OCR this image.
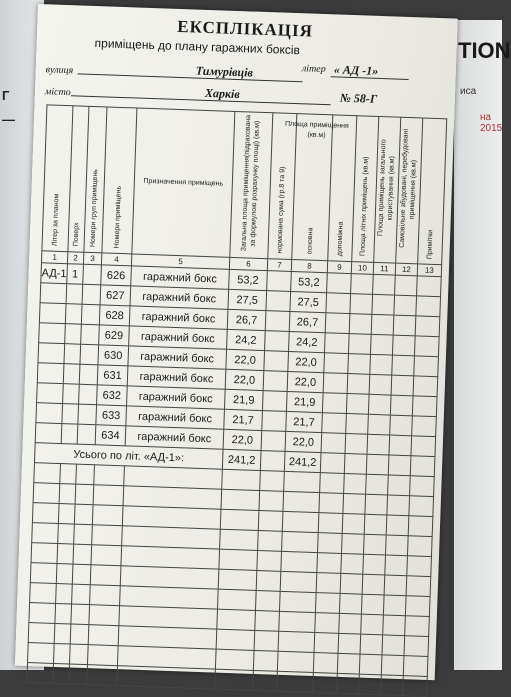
Г
—
TION
иса
на 2015
ЕКСПЛІКАЦІЯ
приміщень до плану гаражних боксів
літер « АД -1»
вулиця	Тимурівців
місто	Харків	№ 58-Г
Літер за планом	Поверх	Номери груп приміщень	Номери приміщень	Призначення приміщень	Загальна площа приміщення(підрахована за формулою розрахунку площі) (кв.м)	нормована сума (гр.8 та 9)	Площа приміщення (кв.м)
основна	допоміжна	Площа літніх приміщень (кв.м)	Площа приміщень загального користування (кв.м)	Самовільне збудовані, перебудовані приміщення (кв.м)	Примітки
1	2	3	4	5	6	7	8	9	10	11	12	13
АД-1	1		626	гаражний бокс	53,2		53,2					
			627	гаражний бокс	27,5		27,5					
			628	гаражний бокс	26,7		26,7					
			629	гаражний бокс	24,2		24,2					
			630	гаражний бокс	22,0		22,0					
			631	гаражний бокс	22,0		22,0					
			632	гаражний бокс	21,9		21,9					
			633	гаражний бокс	21,7		21,7					
			634	гаражний бокс	22,0		22,0					
Усього по літ. «АД-1»:					241,2		241,2					
